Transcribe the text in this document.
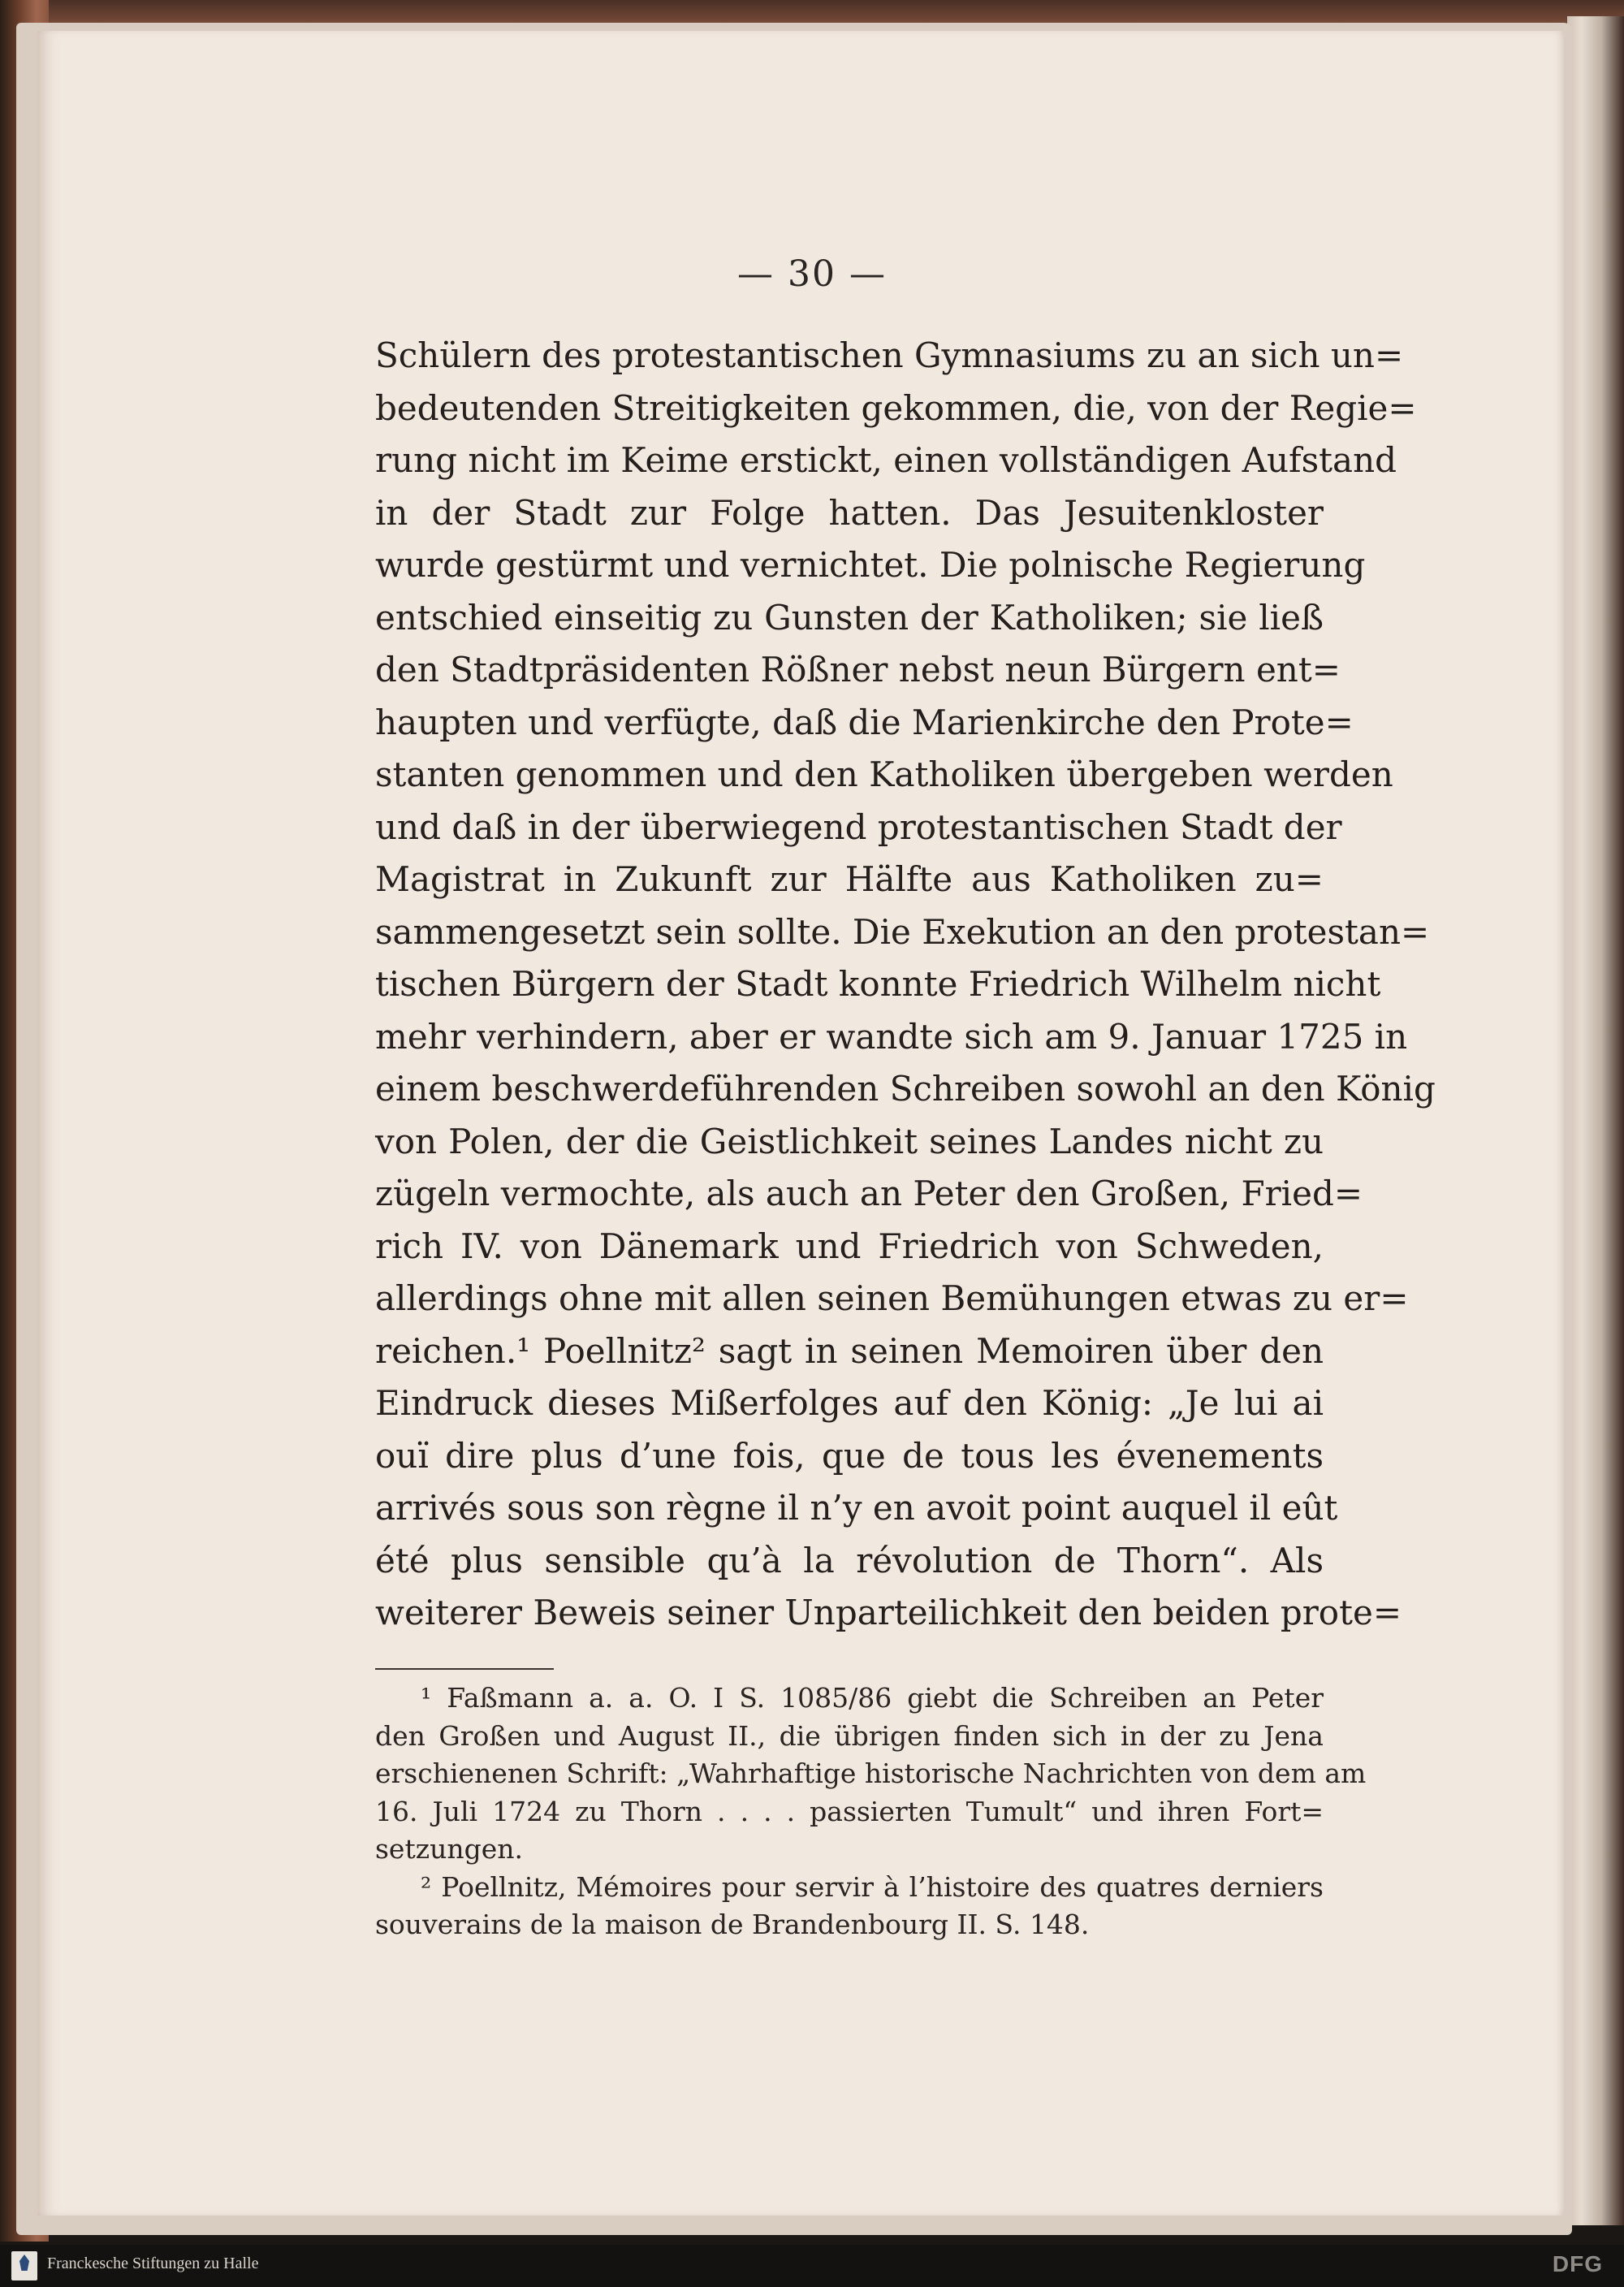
— 30 —
Schülern des protestantischen Gymnasiums zu an sich un=
bedeutenden Streitigkeiten gekommen, die, von der Regie=
rung nicht im Keime erstickt, einen vollständigen Aufstand
in der Stadt zur Folge hatten. Das Jesuitenkloster
wurde gestürmt und vernichtet. Die polnische Regierung
entschied einseitig zu Gunsten der Katholiken; sie ließ
den Stadtpräsidenten Rößner nebst neun Bürgern ent=
haupten und verfügte, daß die Marienkirche den Prote=
stanten genommen und den Katholiken übergeben werden
und daß in der überwiegend protestantischen Stadt der
Magistrat in Zukunft zur Hälfte aus Katholiken zu=
sammengesetzt sein sollte. Die Exekution an den protestan=
tischen Bürgern der Stadt konnte Friedrich Wilhelm nicht
mehr verhindern, aber er wandte sich am 9. Januar 1725 in
einem beschwerdeführenden Schreiben sowohl an den König
von Polen, der die Geistlichkeit seines Landes nicht zu
zügeln vermochte, als auch an Peter den Großen, Fried=
rich IV. von Dänemark und Friedrich von Schweden,
allerdings ohne mit allen seinen Bemühungen etwas zu er=
reichen.¹ Poellnitz² sagt in seinen Memoiren über den
Eindruck dieses Mißerfolges auf den König: „Je lui ai
ouï dire plus d’une fois, que de tous les évenements
arrivés sous son règne il n’y en avoit point auquel il eût
été plus sensible qu’à la révolution de Thorn“. Als
weiterer Beweis seiner Unparteilichkeit den beiden prote=
¹ Faßmann a. a. O. I S. 1085/86 giebt die Schreiben an Peter
den Großen und August II., die übrigen finden sich in der zu Jena
erschienenen Schrift: „Wahrhaftige historische Nachrichten von dem am
16. Juli 1724 zu Thorn . . . . passierten Tumult“ und ihren Fort=
setzungen.
² Poellnitz, Mémoires pour servir à l’histoire des quatres derniers
souverains de la maison de Brandenbourg II. S. 148.
Franckesche Stiftungen zu Halle	DFG
